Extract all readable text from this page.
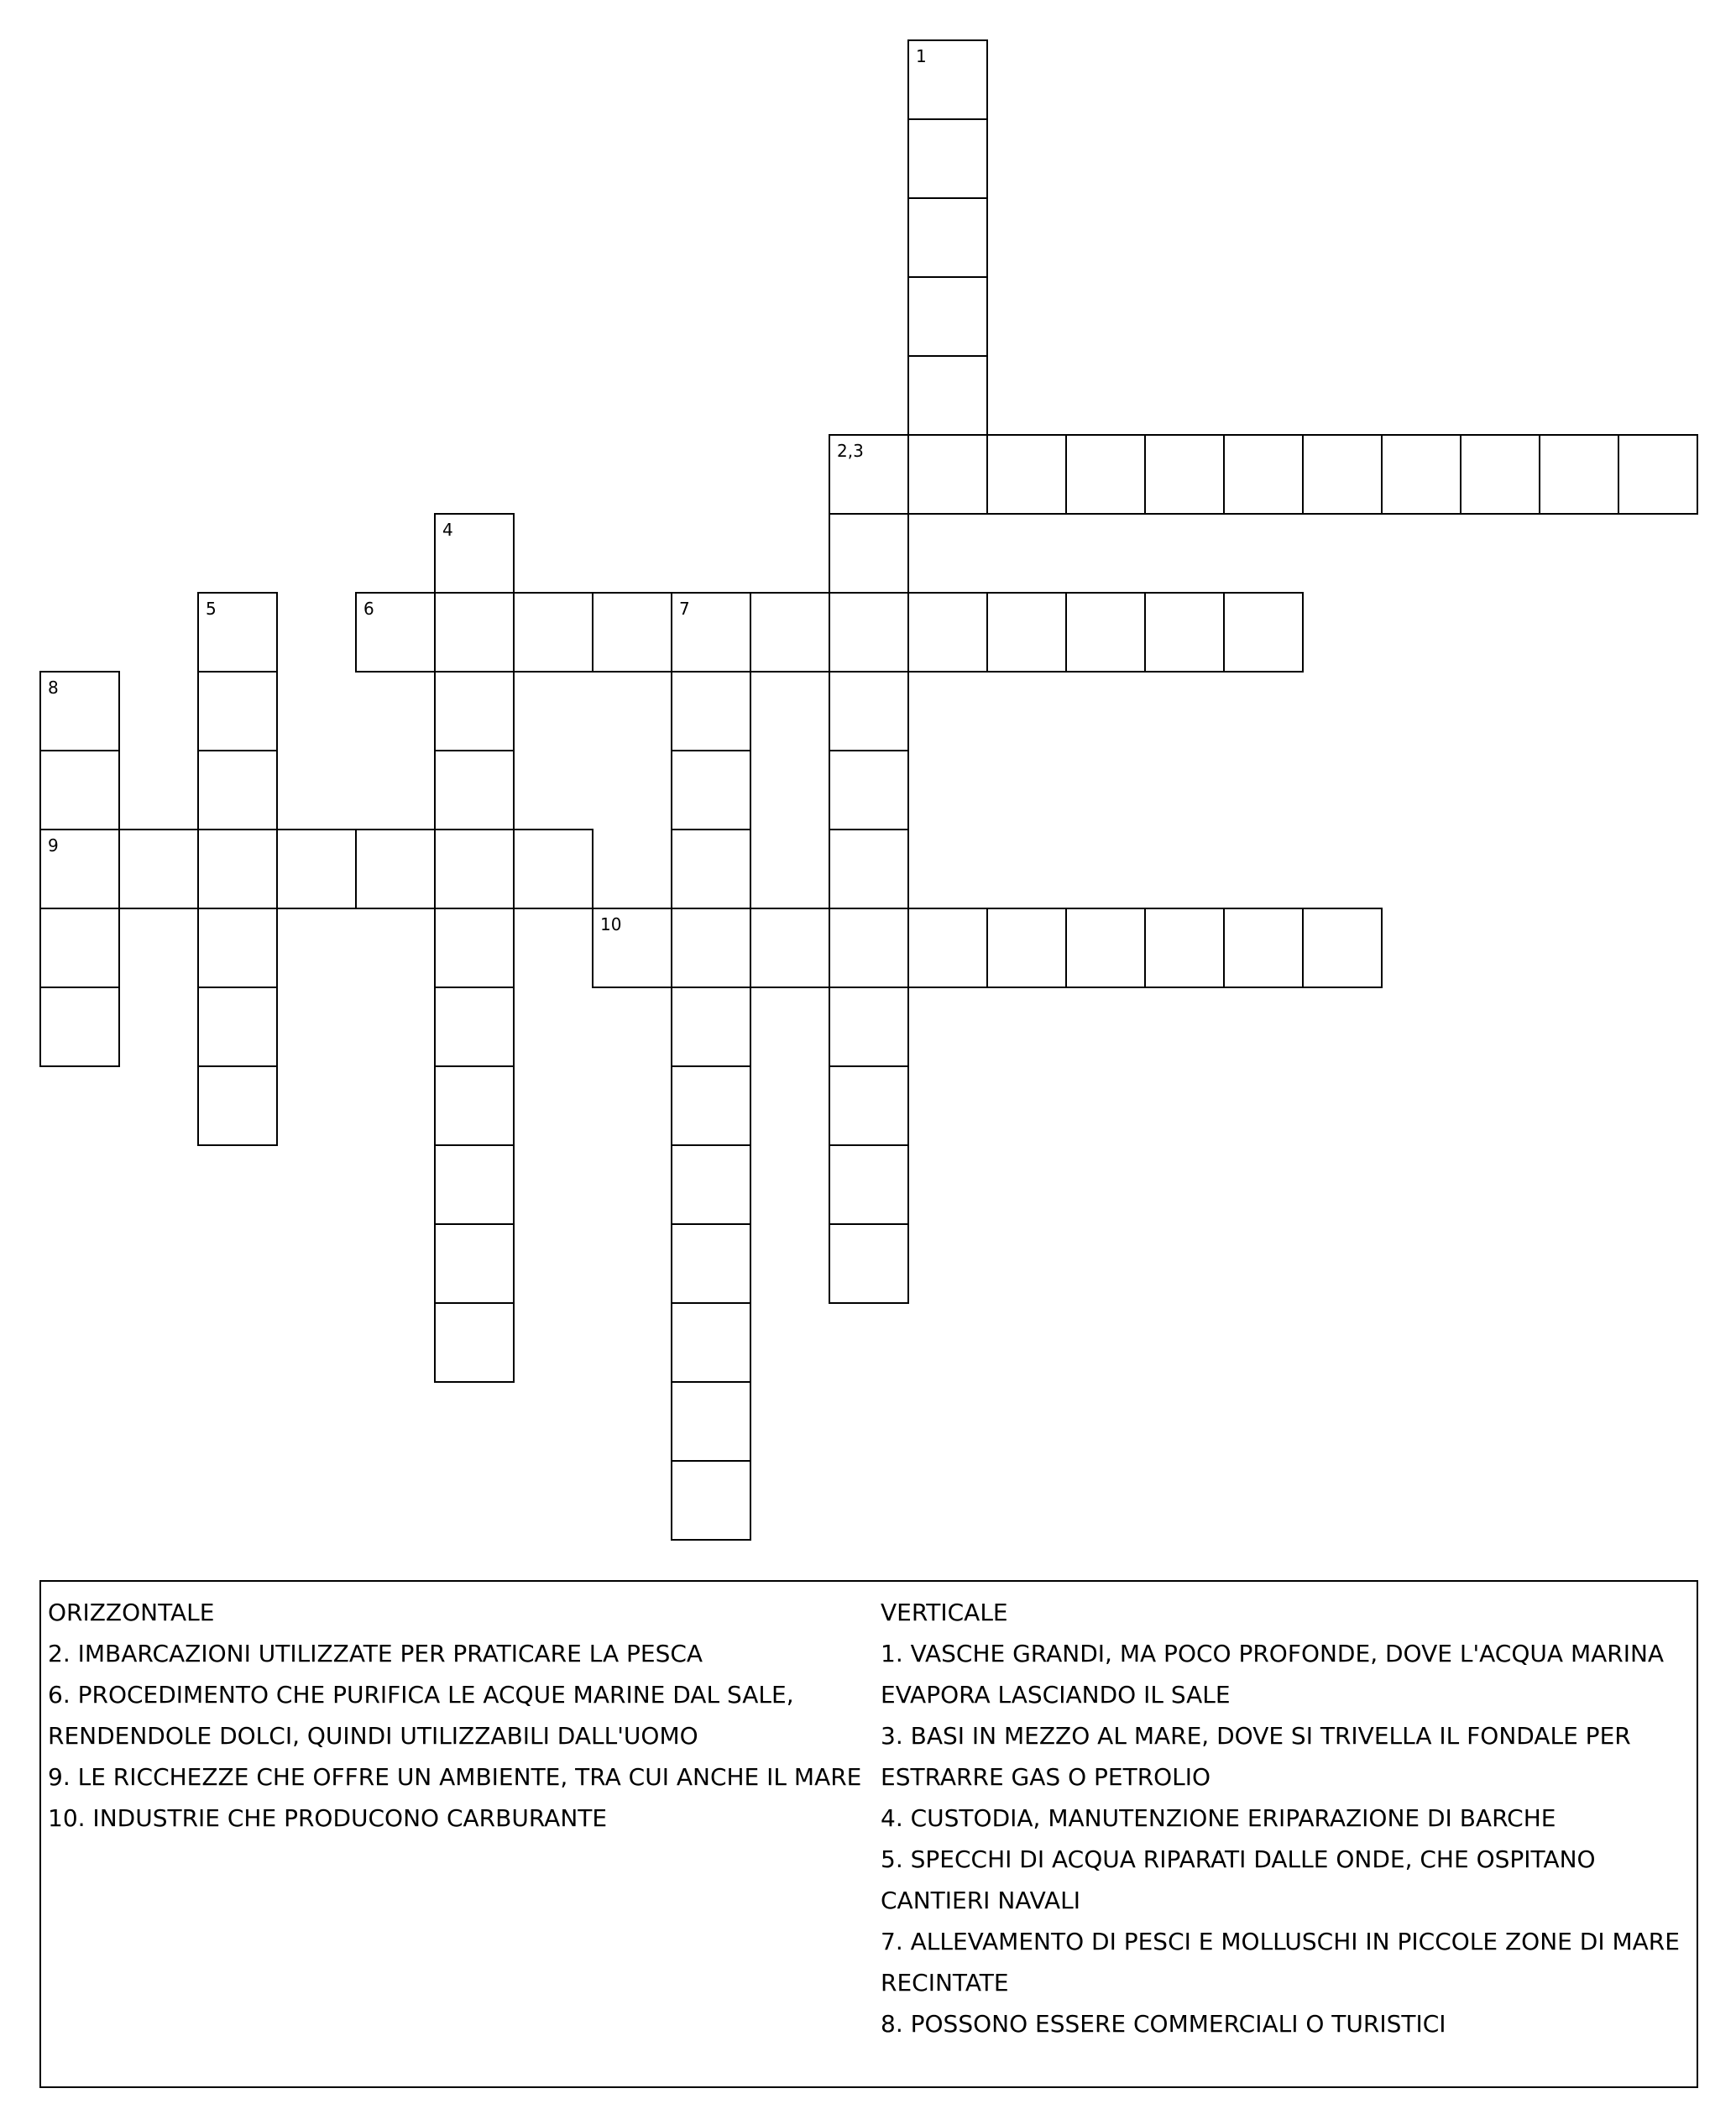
1
2,3
4
5	6	7
8
9
10
ORIZZONTALE
2. IMBARCAZIONI UTILIZZATE PER PRATICARE LA PESCA
6. PROCEDIMENTO CHE PURIFICA LE ACQUE MARINE DAL SALE,
RENDENDOLE DOLCI, QUINDI UTILIZZABILI DALL'UOMO
9. LE RICCHEZZE CHE OFFRE UN AMBIENTE, TRA CUI ANCHE IL MARE
10. INDUSTRIE CHE PRODUCONO CARBURANTE
VERTICALE
1. VASCHE GRANDI, MA POCO PROFONDE, DOVE L'ACQUA MARINA
EVAPORA LASCIANDO IL SALE
3. BASI IN MEZZO AL MARE, DOVE SI TRIVELLA IL FONDALE PER
ESTRARRE GAS O PETROLIO
4. CUSTODIA, MANUTENZIONE ERIPARAZIONE DI BARCHE
5. SPECCHI DI ACQUA RIPARATI DALLE ONDE, CHE OSPITANO
CANTIERI NAVALI
7. ALLEVAMENTO DI PESCI E MOLLUSCHI IN PICCOLE ZONE DI MARE
RECINTATE
8. POSSONO ESSERE COMMERCIALI O TURISTICI
